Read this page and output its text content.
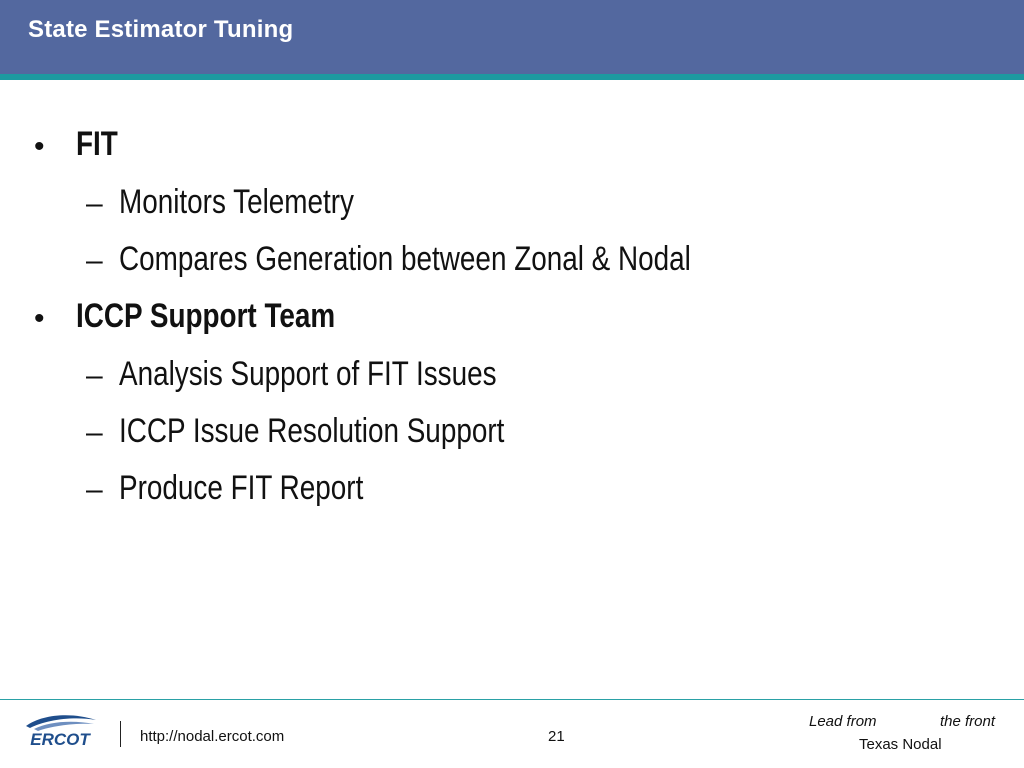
State Estimator Tuning
• FIT
– Monitors Telemetry
– Compares Generation between Zonal & Nodal
• ICCP Support Team
– Analysis Support of FIT Issues
– ICCP Issue Resolution Support
– Produce FIT Report
ERCOT	http://nodal.ercot.com	21
Lead from	the front
Texas Nodal
